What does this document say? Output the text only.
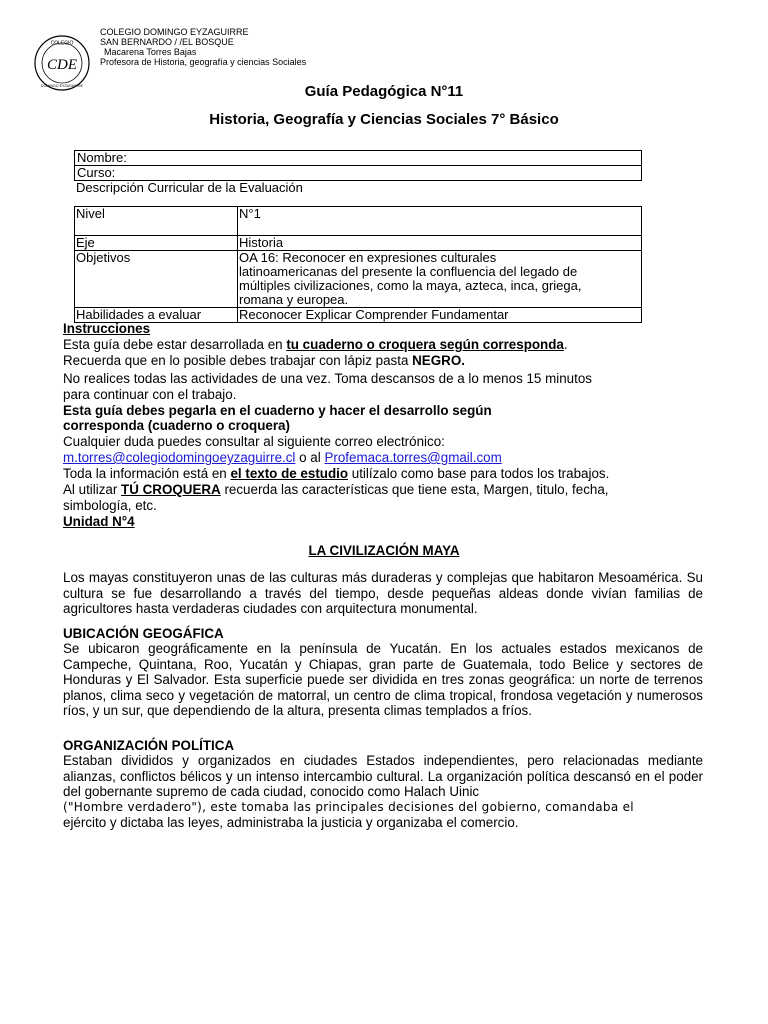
COLEGIO
CDE
DOMINGO EYZAGUIRRE
COLEGIO DOMINGO EYZAGUIRRE
SAN BERNARDO / /EL BOSQUE
Macarena Torres Bajas
Profesora de Historia, geografía y ciencias Sociales
Guía Pedagógica N°11
Historia, Geografía y Ciencias Sociales 7° Básico
Nombre:
Curso:
Descripción Curricular de la Evaluación
Nivel	N°1
Eje	Historia
Objetivos	OA 16: Reconocer en expresiones culturales
latinoamericanas del presente la confluencia del legado de
múltiples civilizaciones, como la maya, azteca, inca, griega,
romana y europea.

Habilidades a evaluar	Reconocer Explicar Comprender Fundamentar
Instrucciones
Esta guía debe estar desarrollada en tu cuaderno o croquera según corresponda.
Recuerda que en lo posible debes trabajar con lápiz pasta NEGRO.
No realices todas las actividades de una vez. Toma descansos de a lo menos 15 minutos
para continuar con el trabajo.
Esta guía debes pegarla en el cuaderno y hacer el desarrollo según
corresponda (cuaderno o croquera)
Cualquier duda puedes consultar al siguiente correo electrónico:
m.torres@colegiodomingoeyzaguirre.cl o al Profemaca.torres@gmail.com
Toda la información está en el texto de estudio utilízalo como base para todos los trabajos.
Al utilizar TÚ CROQUERA recuerda las características que tiene esta, Margen, titulo, fecha,
simbología, etc.
Unidad N°4
LA CIVILIZACIÓN MAYA

Los mayas constituyeron unas de las culturas más duraderas y complejas que habitaron Mesoamérica. Su cultura se fue desarrollando a través del tiempo, desde pequeñas aldeas donde vivían familias de agricultores hasta verdaderas ciudades con arquitectura monumental.

UBICACIÓN GEOGÁFICA

Se ubicaron geográficamente en la península de Yucatán. En los actuales estados mexicanos de Campeche, Quintana, Roo, Yucatán y Chiapas, gran parte de Guatemala, todo Belice y sectores de Honduras y El Salvador. Esta superficie puede ser dividida en tres zonas geográfica: un norte de terrenos planos, clima seco y vegetación de matorral, un centro de clima tropical, frondosa vegetación y numerosos ríos, y un sur, que dependiendo de la altura, presenta climas templados a fríos.

ORGANIZACIÓN POLÍTICA

Estaban divididos y organizados en ciudades Estados independientes, pero relacionadas mediante alianzas, conflictos bélicos y un intenso intercambio cultural. La organización política descansó en el poder del gobernante supremo de cada ciudad, conocido como Halach Uinic

("Hombre verdadero"), este tomaba las principales decisiones del gobierno, comandaba el

ejército y dictaba las leyes, administraba la justicia y organizaba el comercio.
